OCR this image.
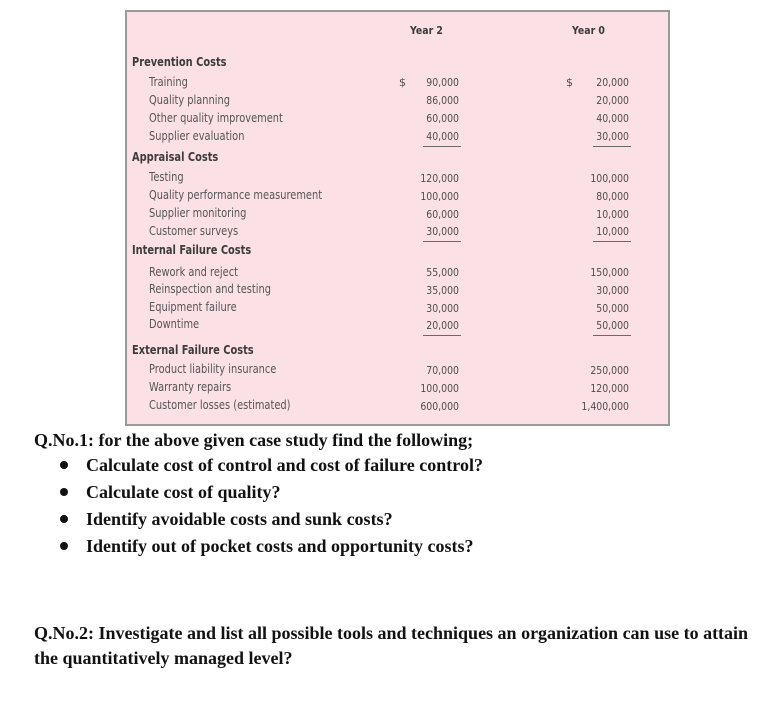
Year 2	Year 0
Prevention Costs
Training	$	90,000	$	20,000
Quality planning	86,000	20,000
Other quality improvement	60,000	40,000
Supplier evaluation	40,000	30,000
Appraisal Costs
Testing	120,000	100,000
Quality performance measurement	100,000	80,000
Supplier monitoring	60,000	10,000
Customer surveys	30,000	10,000
Internal Failure Costs
Rework and reject	55,000	150,000
Reinspection and testing	35,000	30,000
Equipment failure	30,000	50,000
Downtime	20,000	50,000
External Failure Costs
Product liability insurance	70,000	250,000
Warranty repairs	100,000	120,000
Customer losses (estimated)	600,000	1,400,000
Q.No.1: for the above given case study find the following;
Calculate cost of control and cost of failure control?
Calculate cost of quality?
Identify avoidable costs and sunk costs?
Identify out of pocket costs and opportunity costs?
Q.No.2: Investigate and list all possible tools and techniques an organization can use to attain the quantitatively managed level?
